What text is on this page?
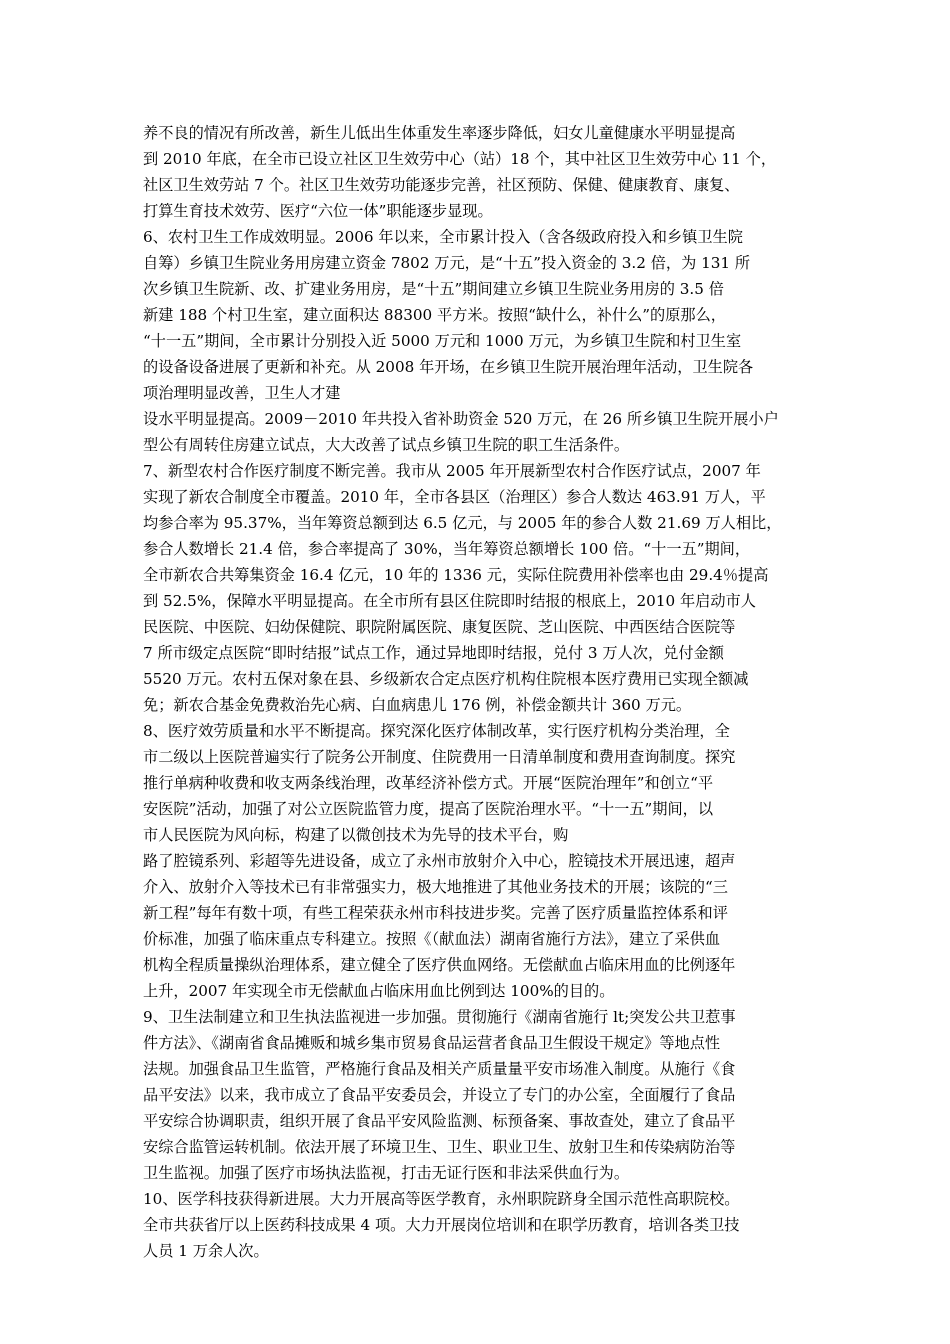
养不良的情况有所改善，新生儿低出生体重发生率逐步降低，妇女儿童健康水平明显提高
到 2010 年底，在全市已设立社区卫生效劳中心（站）18 个，其中社区卫生效劳中心 11 个，
社区卫生效劳站 7 个。社区卫生效劳功能逐步完善，社区预防、保健、健康教育、康复、
打算生育技术效劳、医疗“六位一体”职能逐步显现。
6、农村卫生工作成效明显。2006 年以来，全市累计投入（含各级政府投入和乡镇卫生院
自筹）乡镇卫生院业务用房建立资金 7802 万元，是“十五”投入资金的 3.2 倍，为 131 所
次乡镇卫生院新、改、扩建业务用房，是“十五”期间建立乡镇卫生院业务用房的 3.5 倍
新建 188 个村卫生室，建立面积达 88300 平方米。按照“缺什么，补什么”的原那么，
“十一五”期间，全市累计分别投入近 5000 万元和 1000 万元，为乡镇卫生院和村卫生室
的设备设备进展了更新和补充。从 2008 年开场，在乡镇卫生院开展治理年活动，卫生院各
项治理明显改善，卫生人才建
设水平明显提高。2009－2010 年共投入省补助资金 520 万元，在 26 所乡镇卫生院开展小户
型公有周转住房建立试点，大大改善了试点乡镇卫生院的职工生活条件。
7、新型农村合作医疗制度不断完善。我市从 2005 年开展新型农村合作医疗试点，2007 年
实现了新农合制度全市覆盖。2010 年，全市各县区（治理区）参合人数达 463.91 万人，平
均参合率为 95.37%，当年筹资总额到达 6.5 亿元，与 2005 年的参合人数 21.69 万人相比，
参合人数增长 21.4 倍，参合率提高了 30%，当年筹资总额增长 100 倍。“十一五”期间，
全市新农合共筹集资金 16.4 亿元，10 年的 1336 元，实际住院费用补偿率也由 29.4％提高
到 52.5%，保障水平明显提高。在全市所有县区住院即时结报的根底上，2010 年启动市人
民医院、中医院、妇幼保健院、职院附属医院、康复医院、芝山医院、中西医结合医院等
7 所市级定点医院“即时结报”试点工作，通过异地即时结报，兑付 3 万人次，兑付金额
5520 万元。农村五保对象在县、乡级新农合定点医疗机构住院根本医疗费用已实现全额减
免；新农合基金免费救治先心病、白血病患儿 176 例，补偿金额共计 360 万元。
8、医疗效劳质量和水平不断提高。探究深化医疗体制改革，实行医疗机构分类治理，全
市二级以上医院普遍实行了院务公开制度、住院费用一日清单制度和费用查询制度。探究
推行单病种收费和收支两条线治理，改革经济补偿方式。开展“医院治理年”和创立“平
安医院”活动，加强了对公立医院监管力度，提高了医院治理水平。“十一五”期间，以
市人民医院为风向标，构建了以微创技术为先导的技术平台，购
路了腔镜系列、彩超等先进设备，成立了永州市放射介入中心，腔镜技术开展迅速，超声
介入、放射介入等技术已有非常强实力，极大地推进了其他业务技术的开展；该院的“三
新工程”每年有数十项，有些工程荣获永州市科技进步奖。完善了医疗质量监控体系和评
价标准，加强了临床重点专科建立。按照《（献血法）湖南省施行方法》，建立了采供血
机构全程质量操纵治理体系，建立健全了医疗供血网络。无偿献血占临床用血的比例逐年
上升，2007 年实现全市无偿献血占临床用血比例到达 100%的目的。
9、卫生法制建立和卫生执法监视进一步加强。贯彻施行《湖南省施行 lt;突发公共卫惹事
件方法》、《湖南省食品摊贩和城乡集市贸易食品运营者食品卫生假设干规定》等地点性
法规。加强食品卫生监管，严格施行食品及相关产质量量平安市场准入制度。从施行《食
品平安法》以来，我市成立了食品平安委员会，并设立了专门的办公室，全面履行了食品
平安综合协调职责，组织开展了食品平安风险监测、标预备案、事故查处，建立了食品平
安综合监管运转机制。依法开展了环境卫生、卫生、职业卫生、放射卫生和传染病防治等
卫生监视。加强了医疗市场执法监视，打击无证行医和非法采供血行为。
10、医学科技获得新进展。大力开展高等医学教育，永州职院跻身全国示范性高职院校。
全市共获省厅以上医药科技成果 4 项。大力开展岗位培训和在职学历教育，培训各类卫技
人员 1 万余人次。
